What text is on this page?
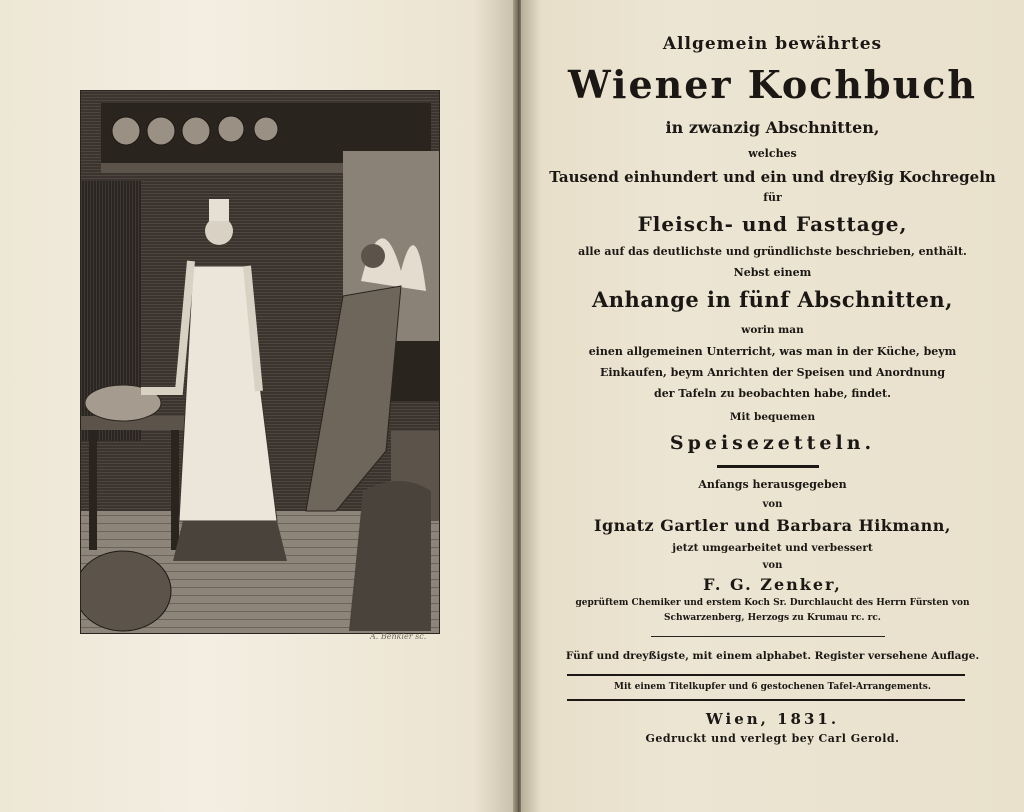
A. Benkler sc.
Allgemein bewährtes
Wiener Kochbuch
in zwanzig Abschnitten,
welches
Tausend einhundert und ein und dreyßig Kochregeln
für
Fleisch- und Fasttage,
alle auf das deutlichste und gründlichste beschrieben, enthält.
Nebst einem
Anhange in fünf Abschnitten,
worin man
einen allgemeinen Unterricht, was man in der Küche, beym
Einkaufen, beym Anrichten der Speisen und Anordnung
der Tafeln zu beobachten habe, findet.
Mit bequemen
Speisezetteln.
Anfangs herausgegeben
von
Ignatz Gartler und Barbara Hikmann,
jetzt umgearbeitet und verbessert
von
F. G. Zenker,
geprüftem Chemiker und erstem Koch Sr. Durchlaucht des Herrn Fürsten von
Schwarzenberg, Herzogs zu Krumau rc. rc.
Fünf und dreyßigste, mit einem alphabet. Register versehene Auflage.
Mit einem Titelkupfer und 6 gestochenen Tafel-Arrangements.
Wien, 1831.
Gedruckt und verlegt bey Carl Gerold.
